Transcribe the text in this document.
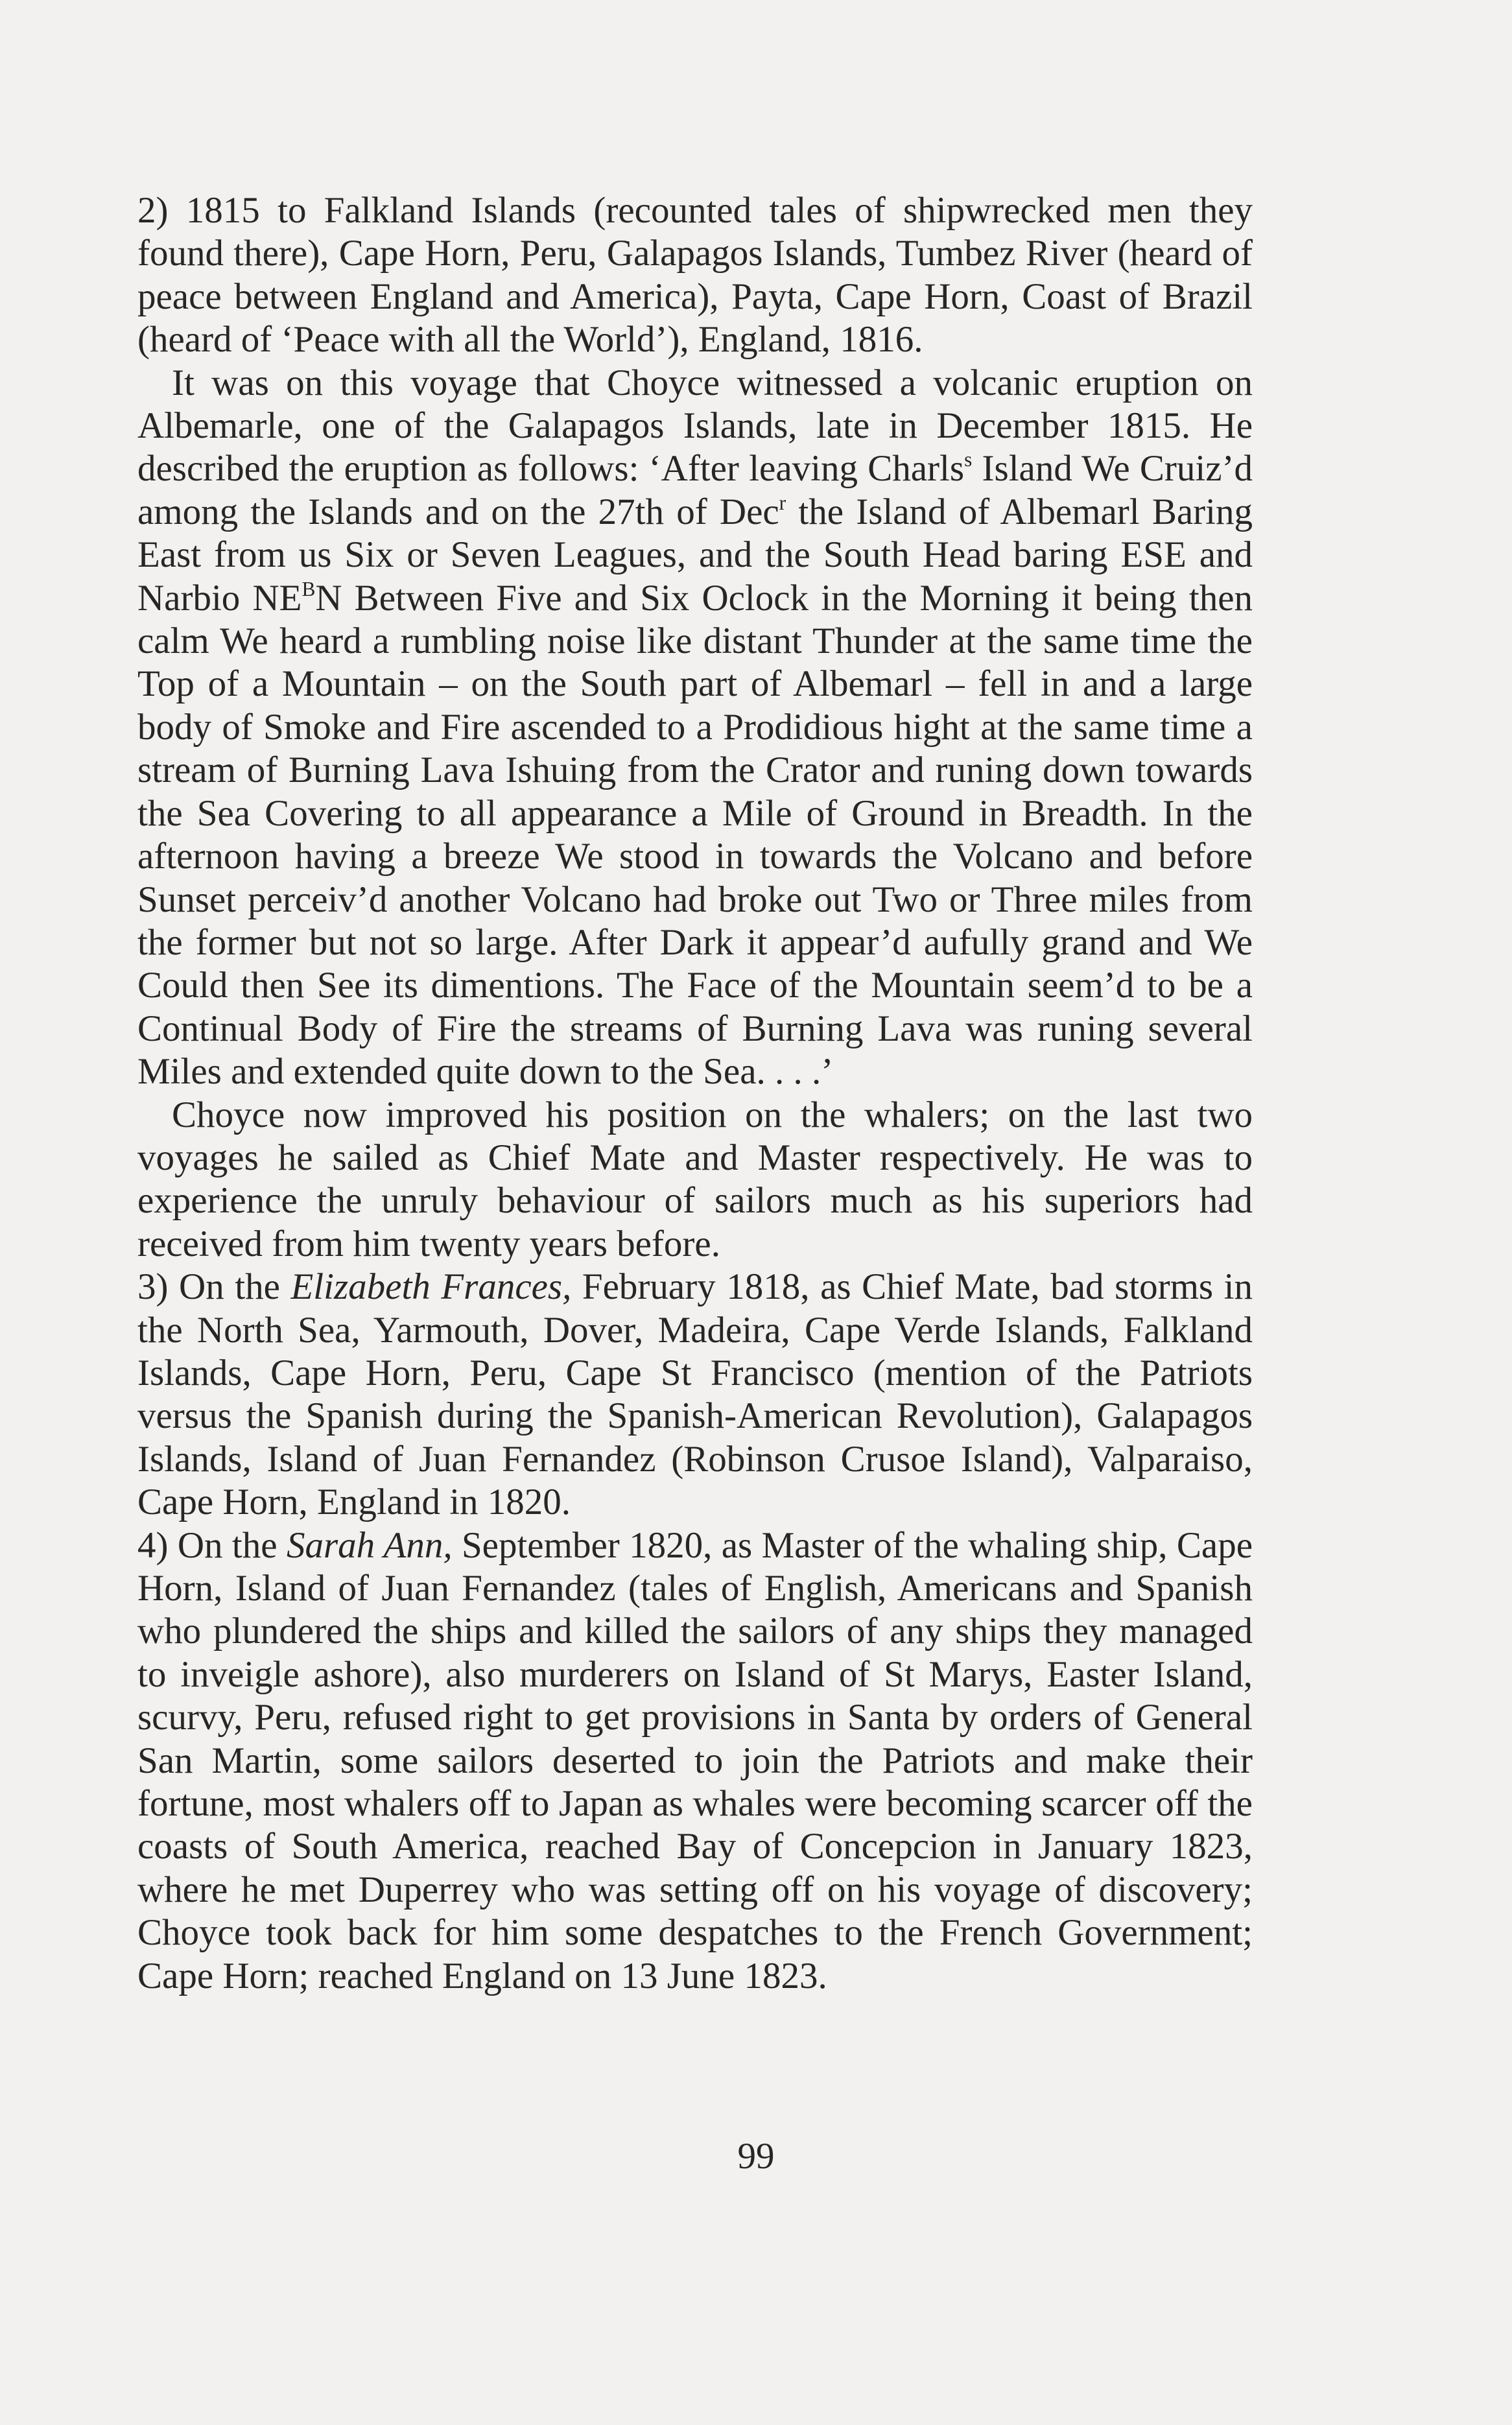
2) 1815 to Falkland Islands (recounted tales of shipwrecked men they found there), Cape Horn, Peru, Galapagos Islands, Tumbez River (heard of peace between England and America), Payta, Cape Horn, Coast of Brazil (heard of ‘Peace with all the World’), England, 1816.

It was on this voyage that Choyce witnessed a volcanic eruption on Albemarle, one of the Galapagos Islands, late in December 1815. He described the eruption as follows: ‘After leaving Charls$^s$ Island We Cruiz’d among the Islands and on the 27th of Dec$^r$ the Island of Albemarl Baring East from us Six or Seven Leagues, and the South Head baring ESE and Narbio $NE^BN$ Between Five and Six Oclock in the Morning it being then calm We heard a rumbling noise like distant Thunder at the same time the Top of a Mountain – on the South part of Albemarl – fell in and a large body of Smoke and Fire ascended to a Prodidious hight at the same time a stream of Burning Lava Ishuing from the Crator and runing down towards the Sea Covering to all appearance a Mile of Ground in Breadth. In the afternoon having a breeze We stood in towards the Volcano and before Sunset perceiv’d another Volcano had broke out Two or Three miles from the former but not so large. After Dark it appear’d aufully grand and We Could then See its dimentions. The Face of the Mountain seem’d to be a Continual Body of Fire the streams of Burning Lava was runing several Miles and extended quite down to the Sea. . . .’

Choyce now improved his position on the whalers; on the last two voyages he sailed as Chief Mate and Master respectively. He was to experience the unruly behaviour of sailors much as his superiors had received from him twenty years before.

3) On the Elizabeth Frances, February 1818, as Chief Mate, bad storms in the North Sea, Yarmouth, Dover, Madeira, Cape Verde Islands, Falkland Islands, Cape Horn, Peru, Cape St Francisco (mention of the Patriots versus the Spanish during the Spanish-American Revolution), Galapagos Islands, Island of Juan Fernandez (Robinson Crusoe Island), Valparaiso, Cape Horn, England in 1820.

4) On the Sarah Ann, September 1820, as Master of the whaling ship, Cape Horn, Island of Juan Fernandez (tales of English, Americans and Spanish who plundered the ships and killed the sailors of any ships they managed to inveigle ashore), also murderers on Island of St Marys, Easter Island, scurvy, Peru, refused right to get provisions in Santa by orders of General San Martin, some sailors deserted to join the Patriots and make their fortune, most whalers off to Japan as whales were becoming scarcer off the coasts of South America, reached Bay of Concepcion in January 1823, where he met Duperrey who was setting off on his voyage of discovery; Choyce took back for him some despatches to the French Government; Cape Horn; reached England on 13 June 1823.

99
